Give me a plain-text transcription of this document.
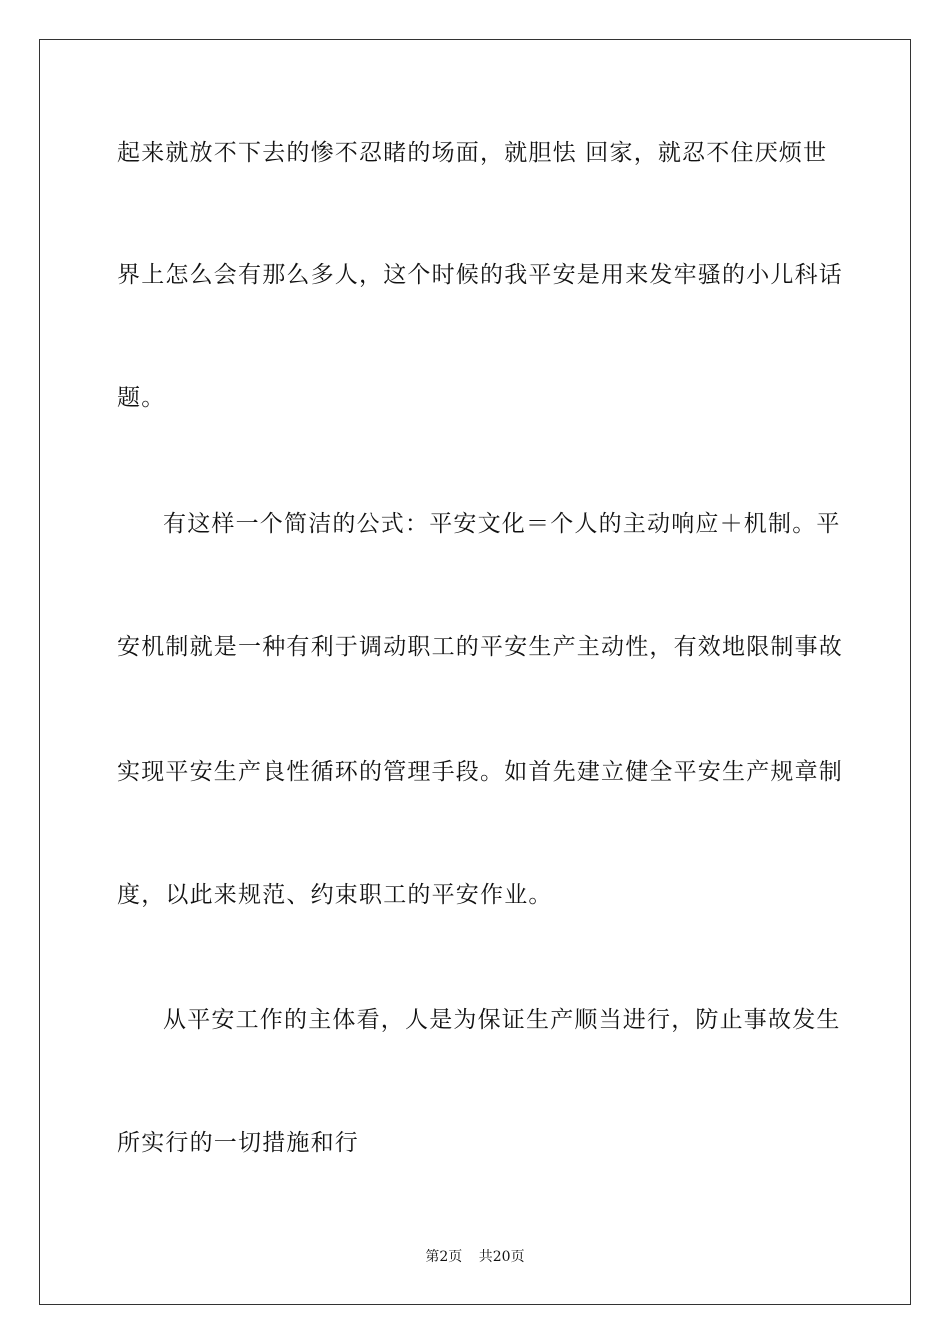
起来就放不下去的惨不忍睹的场面，就胆怯 回家，就忍不住厌烦世
界上怎么会有那么多人，这个时候的我平安是用来发牢骚的小儿科话
题。
有这样一个简洁的公式：平安文化＝个人的主动响应＋机制。平
安机制就是一种有利于调动职工的平安生产主动性，有效地限制事故
实现平安生产良性循环的管理手段。如首先建立健全平安生产规章制
度，以此来规范、约束职工的平安作业。
从平安工作的主体看，人是为保证生产顺当进行，防止事故发生
所实行的一切措施和行
第2页 共20页
